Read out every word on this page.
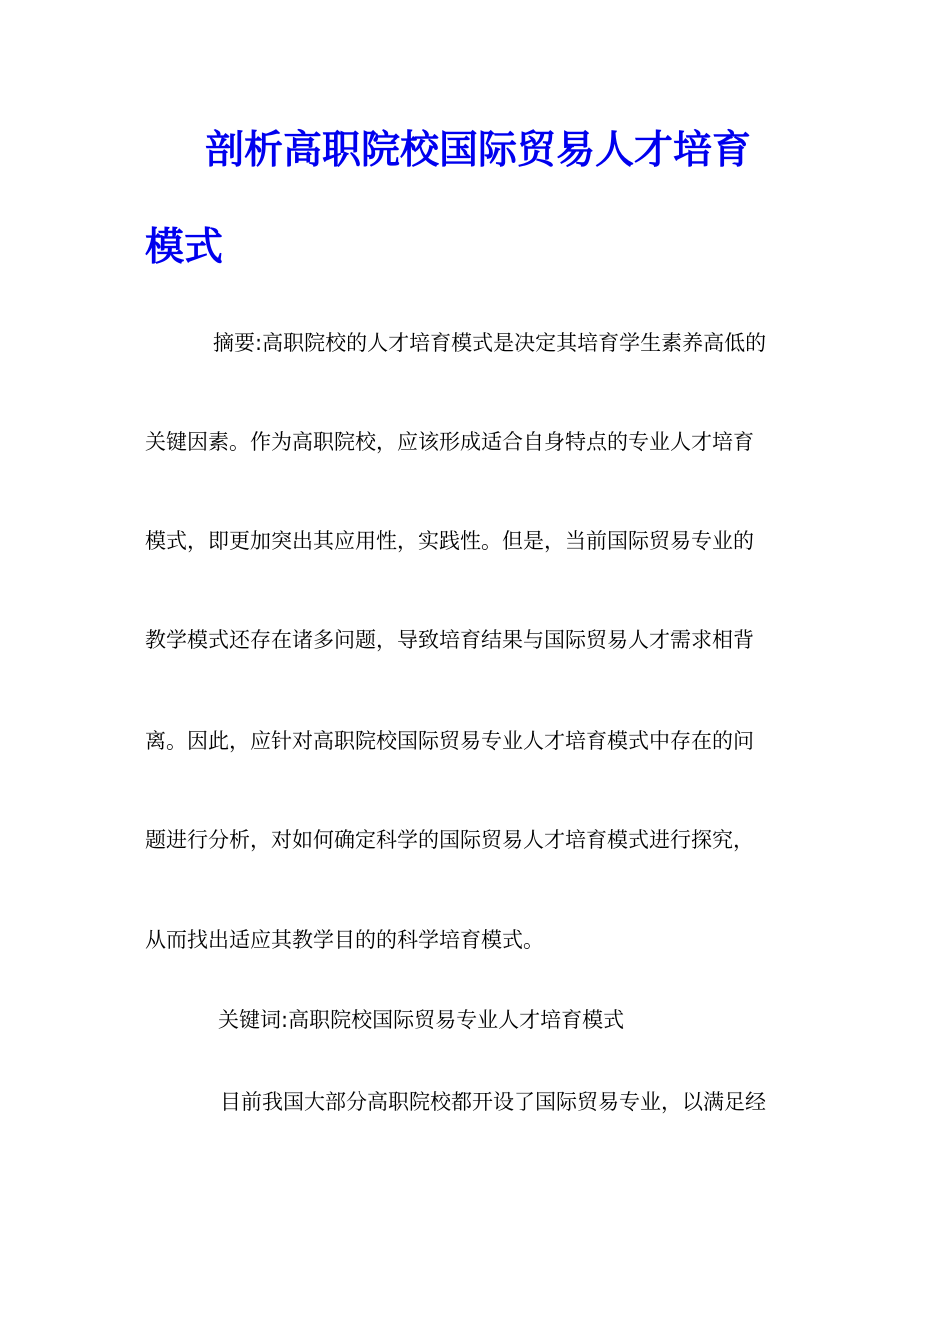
剖析高职院校国际贸易人才培育
模式

摘要:高职院校的人才培育模式是决定其培育学生素养高低的

关键因素。作为高职院校，应该形成适合自身特点的专业人才培育

模式，即更加突出其应用性，实践性。但是，当前国际贸易专业的

教学模式还存在诸多问题，导致培育结果与国际贸易人才需求相背

离。因此，应针对高职院校国际贸易专业人才培育模式中存在的问

题进行分析，对如何确定科学的国际贸易人才培育模式进行探究，

从而找出适应其教学目的的科学培育模式。

关键词:高职院校国际贸易专业人才培育模式

目前我国大部分高职院校都开设了国际贸易专业，以满足经
